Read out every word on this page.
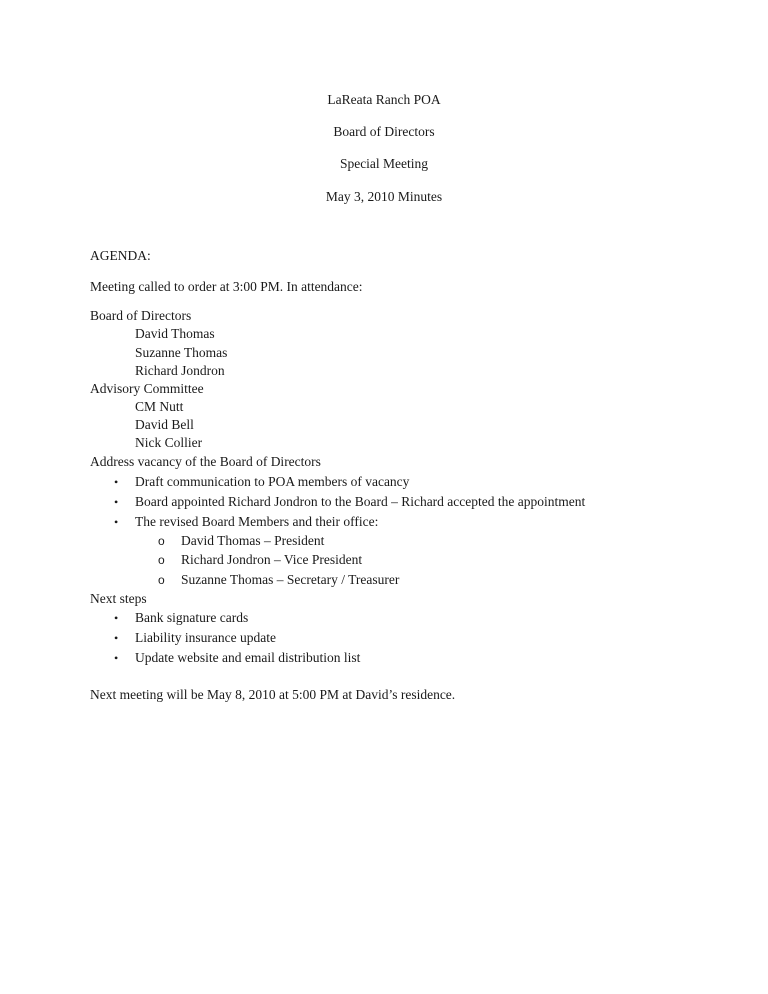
LaReata Ranch POA
Board of Directors
Special Meeting
May 3, 2010 Minutes
AGENDA:
Meeting called to order at 3:00 PM. In attendance:
Board of Directors
David Thomas
Suzanne Thomas
Richard Jondron
Advisory Committee
CM Nutt
David Bell
Nick Collier
Address vacancy of the Board of Directors
• Draft communication to POA members of vacancy
• Board appointed Richard Jondron to the Board – Richard accepted the appointment
• The revised Board Members and their office:
o David Thomas – President
o Richard Jondron – Vice President
o Suzanne Thomas – Secretary / Treasurer
Next steps
• Bank signature cards
• Liability insurance update
• Update website and email distribution list
Next meeting will be May 8, 2010 at 5:00 PM at David’s residence.
